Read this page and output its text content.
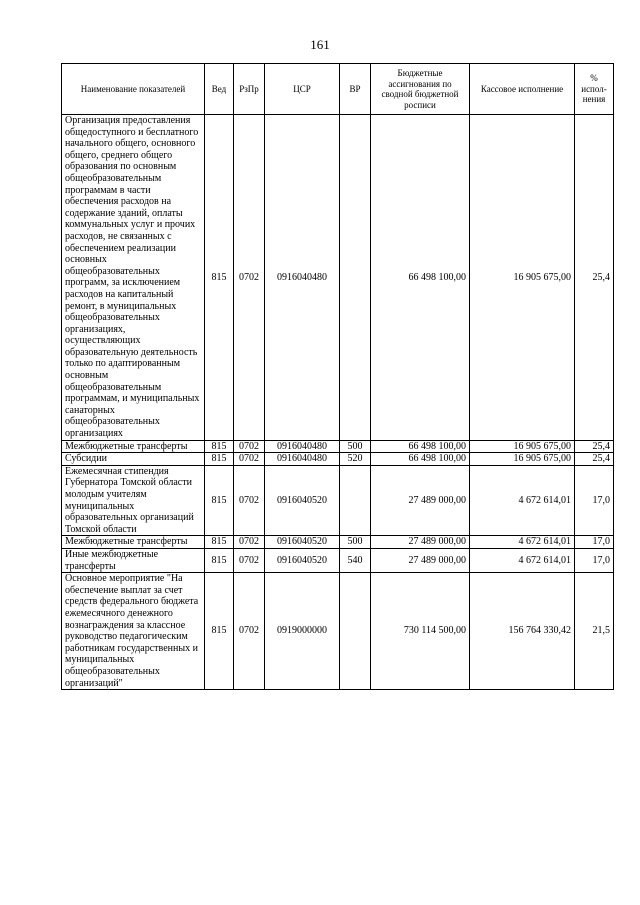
161
Наименование показателей	Вед	РзПр	ЦСР	ВР	Бюджетные ассигнования по сводной бюджетной росписи	Кассовое исполнение	% испол-нения
Организация предоставления общедоступного и бесплатного начального общего, основного общего, среднего общего образования по основным общеобразовательным программам в части обеспечения расходов на содержание зданий, оплаты коммунальных услуг и прочих расходов, не связанных с обеспечением реализации основных общеобразовательных программ, за исключением расходов на капитальный ремонт, в муниципальных общеобразовательных организациях, осуществляющих образовательную деятельность только по адаптированным основным общеобразовательным программам, и муниципальных санаторных общеобразовательных организациях	815	0702	0916040480		66 498 100,00	16 905 675,00	25,4
Межбюджетные трансферты	815	0702	0916040480	500	66 498 100,00	16 905 675,00	25,4
Субсидии	815	0702	0916040480	520	66 498 100,00	16 905 675,00	25,4
Ежемесячная стипендия Губернатора Томской области молодым учителям муниципальных образовательных организаций Томской области	815	0702	0916040520		27 489 000,00	4 672 614,01	17,0
Межбюджетные трансферты	815	0702	0916040520	500	27 489 000,00	4 672 614,01	17,0
Иные межбюджетные трансферты	815	0702	0916040520	540	27 489 000,00	4 672 614,01	17,0
Основное мероприятие "На обеспечение выплат за счет средств федерального бюджета ежемесячного денежного вознаграждения за классное руководство педагогическим работникам государственных и муниципальных общеобразовательных организаций"	815	0702	0919000000		730 114 500,00	156 764 330,42	21,5
